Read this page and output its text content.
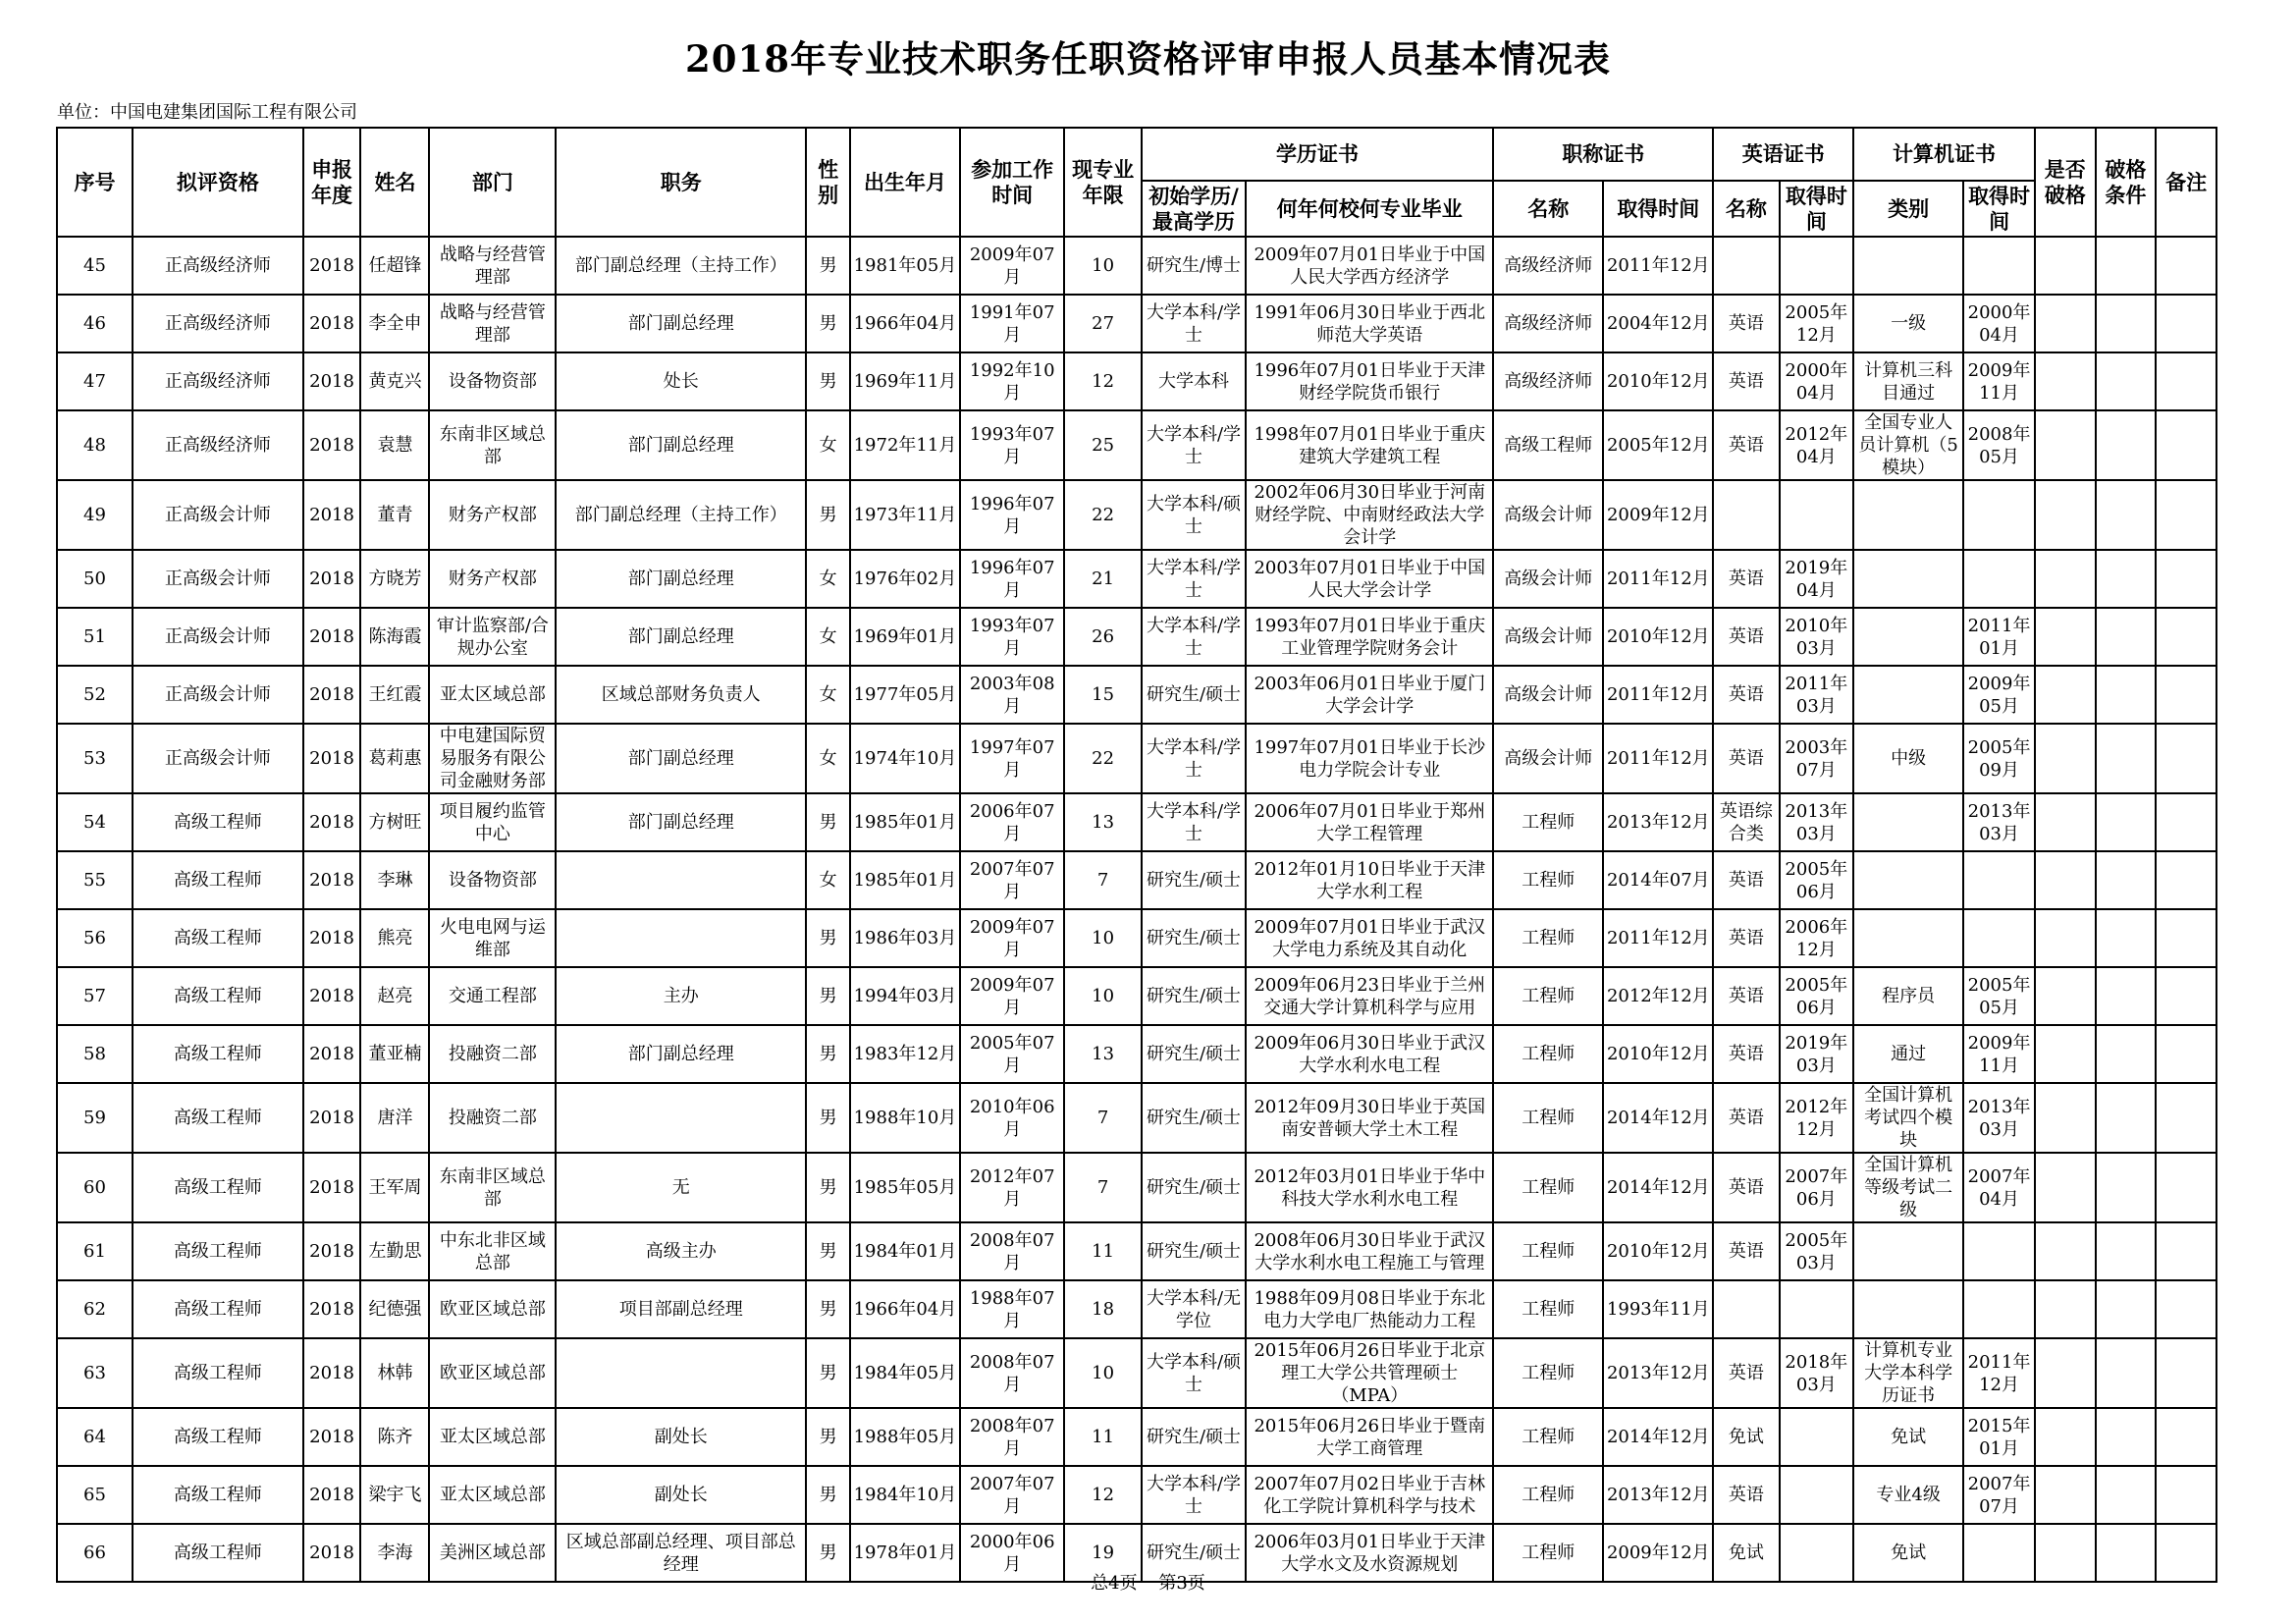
2018年专业技术职务任职资格评审申报人员基本情况表
单位：中国电建集团国际工程有限公司
序号	拟评资格	申报年度	姓名	部门	职务	性别	出生年月	参加工作时间	现专业年限	学历证书		职称证书		英语证书		计算机证书		是否破格	破格条件	备注
										初始学历/最高学历	何年何校何专业毕业	名称	取得时间	名称	取得时间	类别	取得时间			
45	正高级经济师	2018	任超锋	战略与经营管理部	部门副总经理（主持工作）	男	1981年05月	2009年07月	10	研究生/博士	2009年07月01日毕业于中国人民大学西方经济学	高级经济师	2011年12月							
46	正高级经济师	2018	李全申	战略与经营管理部	部门副总经理	男	1966年04月	1991年07月	27	大学本科/学士	1991年06月30日毕业于西北师范大学英语	高级经济师	2004年12月	英语	2005年12月	一级	2000年04月			
47	正高级经济师	2018	黄克兴	设备物资部	处长	男	1969年11月	1992年10月	12	大学本科	1996年07月01日毕业于天津财经学院货币银行	高级经济师	2010年12月	英语	2000年04月	计算机三科目通过	2009年11月			
48	正高级经济师	2018	袁慧	东南非区域总部	部门副总经理	女	1972年11月	1993年07月	25	大学本科/学士	1998年07月01日毕业于重庆建筑大学建筑工程	高级工程师	2005年12月	英语	2012年04月	全国专业人员计算机（5模块）	2008年05月			
49	正高级会计师	2018	董青	财务产权部	部门副总经理（主持工作）	男	1973年11月	1996年07月	22	大学本科/硕士	2002年06月30日毕业于河南财经学院、中南财经政法大学会计学	高级会计师	2009年12月							
50	正高级会计师	2018	方晓芳	财务产权部	部门副总经理	女	1976年02月	1996年07月	21	大学本科/学士	2003年07月01日毕业于中国人民大学会计学	高级会计师	2011年12月	英语	2019年04月					
51	正高级会计师	2018	陈海霞	审计监察部/合规办公室	部门副总经理	女	1969年01月	1993年07月	26	大学本科/学士	1993年07月01日毕业于重庆工业管理学院财务会计	高级会计师	2010年12月	英语	2010年03月		2011年01月			
52	正高级会计师	2018	王红霞	亚太区域总部	区域总部财务负责人	女	1977年05月	2003年08月	15	研究生/硕士	2003年06月01日毕业于厦门大学会计学	高级会计师	2011年12月	英语	2011年03月		2009年05月			
53	正高级会计师	2018	葛莉惠	中电建国际贸易服务有限公司金融财务部	部门副总经理	女	1974年10月	1997年07月	22	大学本科/学士	1997年07月01日毕业于长沙电力学院会计专业	高级会计师	2011年12月	英语	2003年07月	中级	2005年09月			
54	高级工程师	2018	方树旺	项目履约监管中心	部门副总经理	男	1985年01月	2006年07月	13	大学本科/学士	2006年07月01日毕业于郑州大学工程管理	工程师	2013年12月	英语综合类	2013年03月		2013年03月			
55	高级工程师	2018	李琳	设备物资部		女	1985年01月	2007年07月	7	研究生/硕士	2012年01月10日毕业于天津大学水利工程	工程师	2014年07月	英语	2005年06月					
56	高级工程师	2018	熊亮	火电电网与运维部		男	1986年03月	2009年07月	10	研究生/硕士	2009年07月01日毕业于武汉大学电力系统及其自动化	工程师	2011年12月	英语	2006年12月					
57	高级工程师	2018	赵亮	交通工程部	主办	男	1994年03月	2009年07月	10	研究生/硕士	2009年06月23日毕业于兰州交通大学计算机科学与应用	工程师	2012年12月	英语	2005年06月	程序员	2005年05月			
58	高级工程师	2018	董亚楠	投融资二部	部门副总经理	男	1983年12月	2005年07月	13	研究生/硕士	2009年06月30日毕业于武汉大学水利水电工程	工程师	2010年12月	英语	2019年03月	通过	2009年11月			
59	高级工程师	2018	唐洋	投融资二部		男	1988年10月	2010年06月	7	研究生/硕士	2012年09月30日毕业于英国南安普顿大学土木工程	工程师	2014年12月	英语	2012年12月	全国计算机考试四个模块	2013年03月			
60	高级工程师	2018	王军周	东南非区域总部	无	男	1985年05月	2012年07月	7	研究生/硕士	2012年03月01日毕业于华中科技大学水利水电工程	工程师	2014年12月	英语	2007年06月	全国计算机等级考试二级	2007年04月			
61	高级工程师	2018	左勤思	中东北非区域总部	高级主办	男	1984年01月	2008年07月	11	研究生/硕士	2008年06月30日毕业于武汉大学水利水电工程施工与管理	工程师	2010年12月	英语	2005年03月					
62	高级工程师	2018	纪德强	欧亚区域总部	项目部副总经理	男	1966年04月	1988年07月	18	大学本科/无学位	1988年09月08日毕业于东北电力大学电厂热能动力工程	工程师	1993年11月							
63	高级工程师	2018	林韩	欧亚区域总部		男	1984年05月	2008年07月	10	大学本科/硕士	2015年06月26日毕业于北京理工大学公共管理硕士（MPA）	工程师	2013年12月	英语	2018年03月	计算机专业大学本科学历证书	2011年12月			
64	高级工程师	2018	陈齐	亚太区域总部	副处长	男	1988年05月	2008年07月	11	研究生/硕士	2015年06月26日毕业于暨南大学工商管理	工程师	2014年12月	免试		免试	2015年01月			
65	高级工程师	2018	梁宇飞	亚太区域总部	副处长	男	1984年10月	2007年07月	12	大学本科/学士	2007年07月02日毕业于吉林化工学院计算机科学与技术	工程师	2013年12月	英语		专业4级	2007年07月			
66	高级工程师	2018	李海	美洲区域总部	区域总部副总经理、项目部总经理	男	1978年01月	2000年06月	19	研究生/硕士	2006年03月01日毕业于天津大学水文及水资源规划	工程师	2009年12月	免试		免试				
总4页 第3页
